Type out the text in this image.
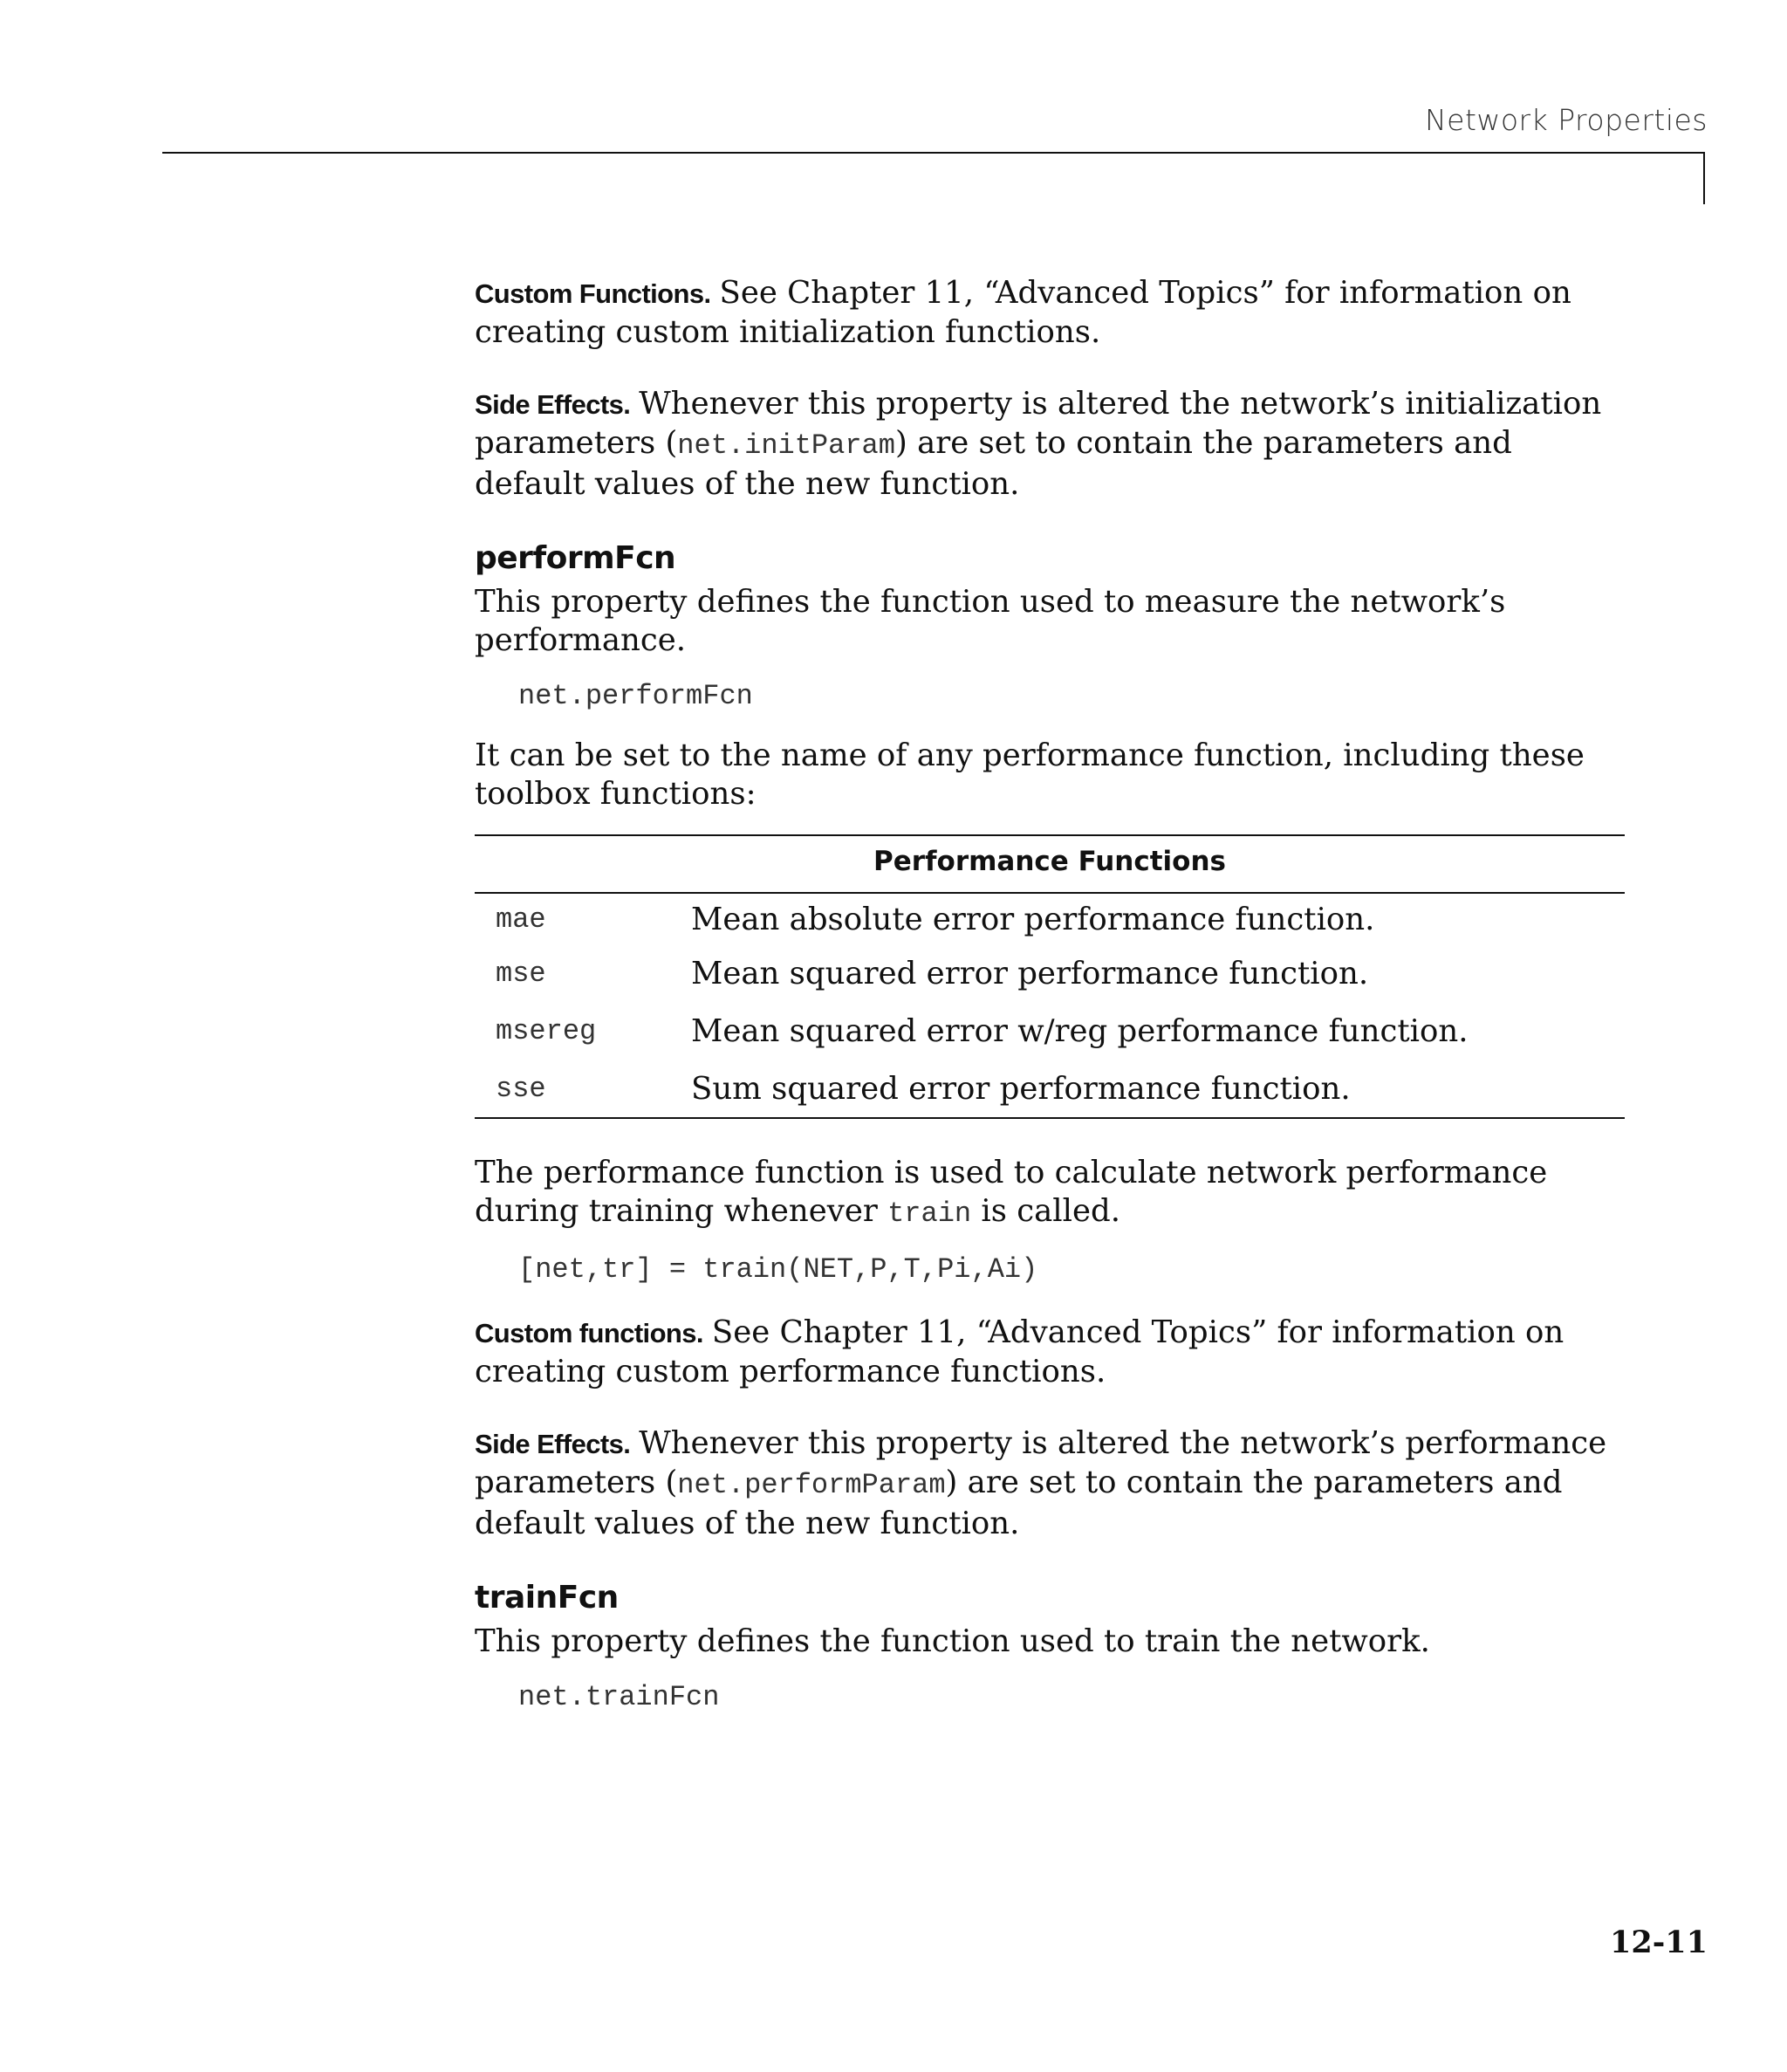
Network Properties

Custom Functions. See Chapter 11, “Advanced Topics” for information on creating custom initialization functions.

Side Effects. Whenever this property is altered the network’s initialization parameters (net.initParam) are set to contain the parameters and default values of the new function.

performFcn

This property defines the function used to measure the network’s performance.

net.performFcn

It can be set to the name of any performance function, including these toolbox functions:

Performance Functions
mae	Mean absolute error performance function.
mse	Mean squared error performance function.
msereg	Mean squared error w/reg performance function.
sse	Sum squared error performance function.

The performance function is used to calculate network performance during training whenever train is called.

[net,tr] = train(NET,P,T,Pi,Ai)

Custom functions. See Chapter 11, “Advanced Topics” for information on creating custom performance functions.

Side Effects. Whenever this property is altered the network’s performance parameters (net.performParam) are set to contain the parameters and default values of the new function.

trainFcn

This property defines the function used to train the network.

net.trainFcn

12-11
